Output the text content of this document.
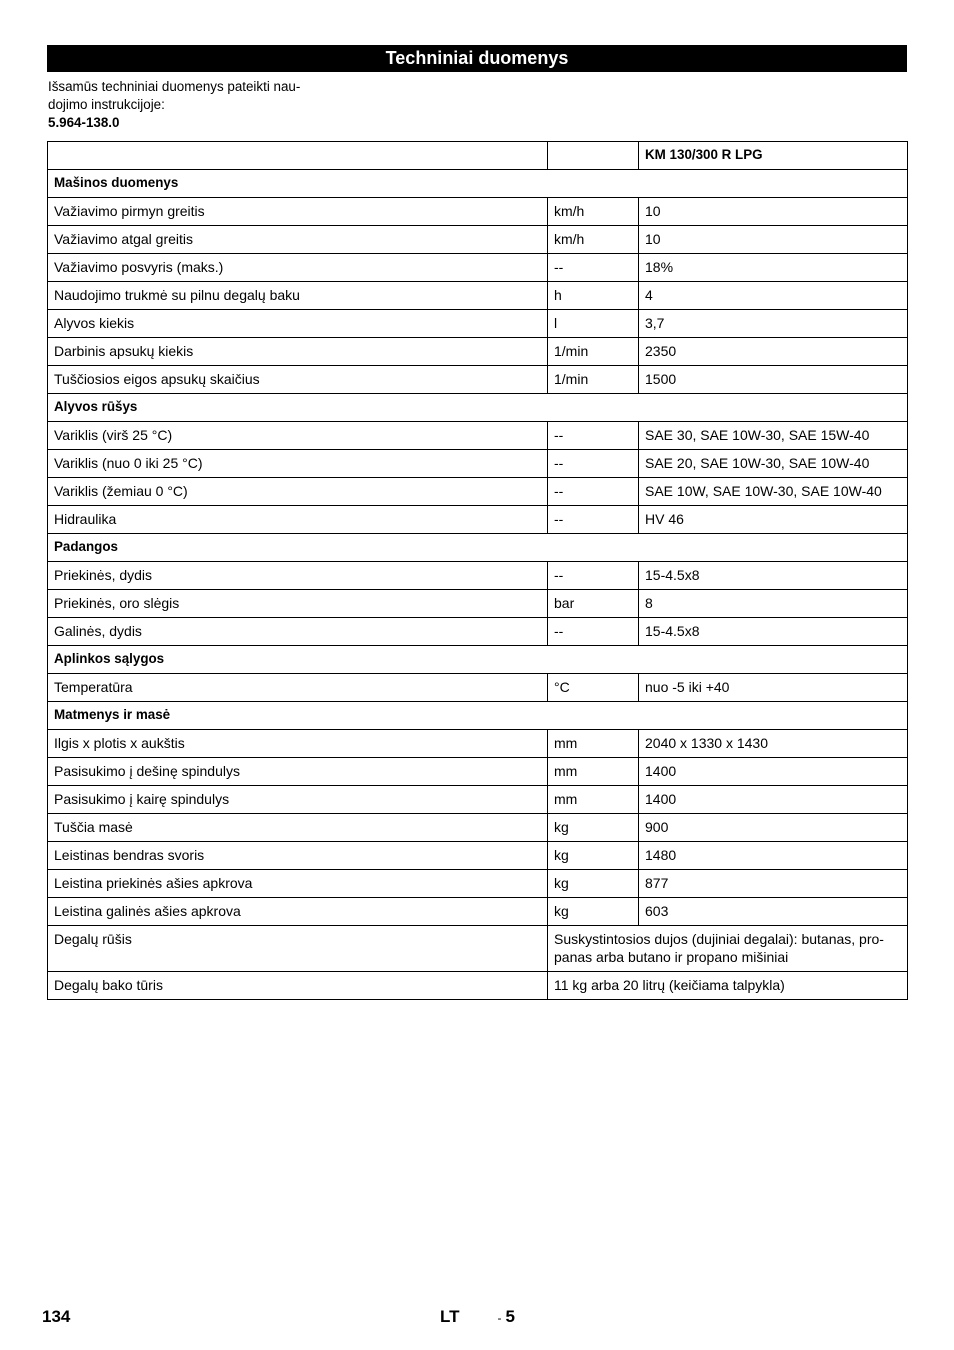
Techniniai duomenys
Išsamūs techniniai duomenys pateikti nau-
dojimo instrukcijoje:
5.964-138.0
		KM 130/300 R LPG
Mašinos duomenys		
Važiavimo pirmyn greitis	km/h	10
Važiavimo atgal greitis	km/h	10
Važiavimo posvyris (maks.)	--	18%
Naudojimo trukmė su pilnu degalų baku	h	4
Alyvos kiekis	l	3,7
Darbinis apsukų kiekis	1/min	2350
Tuščiosios eigos apsukų skaičius	1/min	1500
Alyvos rūšys		
Variklis (virš 25 °C)	--	SAE 30, SAE 10W-30, SAE 15W-40
Variklis (nuo 0 iki 25 °C)	--	SAE 20, SAE 10W-30, SAE 10W-40
Variklis (žemiau 0 °C)	--	SAE 10W, SAE 10W-30, SAE 10W-40
Hidraulika	--	HV 46
Padangos		
Priekinės, dydis	--	15-4.5x8
Priekinės, oro slėgis	bar	8
Galinės, dydis	--	15-4.5x8
Aplinkos sąlygos		
Temperatūra	°C	nuo -5 iki +40
Matmenys ir masė		
Ilgis x plotis x aukštis	mm	2040 x 1330 x 1430
Pasisukimo į dešinę spindulys	mm	1400
Pasisukimo į kairę spindulys	mm	1400
Tuščia masė	kg	900
Leistinas bendras svoris	kg	1480
Leistina priekinės ašies apkrova	kg	877
Leistina galinės ašies apkrova	kg	603
Degalų rūšis	Suskystintosios dujos (dujiniai degalai): butanas, pro-
panas arba butano ir propano mišiniai	
Degalų bako tūris	11 kg arba 20 litrų (keičiama talpykla)	
134	LT	- 5
